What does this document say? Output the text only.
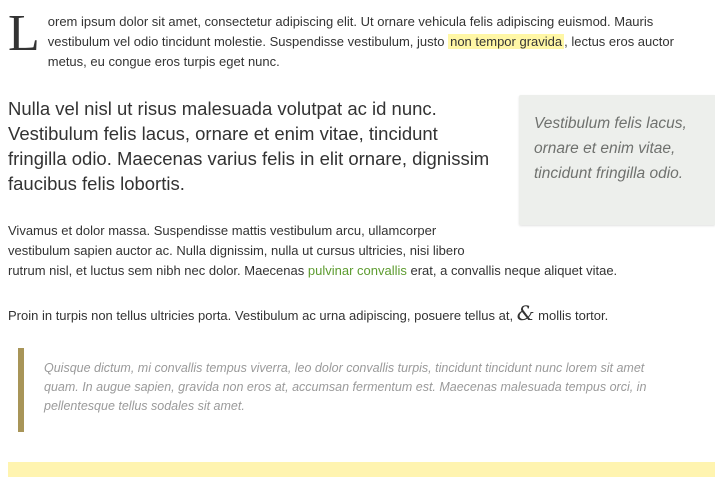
Lorem ipsum dolor sit amet, consectetur adipiscing elit. Ut ornare vehicula felis adipiscing euismod. Mauris vestibulum vel odio tincidunt molestie. Suspendisse vestibulum, justo non tempor gravida , lectus eros auctor metus, eu congue eros turpis eget nunc.

Vestibulum felis lacus, ornare et enim vitae, tincidunt fringilla odio.

Nulla vel nisl ut risus malesuada volutpat ac id nunc. Vestibulum felis lacus, ornare et enim vitae, tincidunt fringilla odio. Maecenas varius felis in elit ornare, dignissim faucibus felis lobortis.

Vivamus et dolor massa. Suspendisse mattis vestibulum arcu, ullamcorper
vestibulum sapien auctor ac. Nulla dignissim, nulla ut cursus ultricies, nisi libero
rutrum nisl, et luctus sem nibh nec dolor. Maecenas pulvinar convallis erat, a convallis neque aliquet vitae.

Proin in turpis non tellus ultricies porta. Vestibulum ac urna adipiscing, posuere tellus at, & mollis tortor.

Quisque dictum, mi convallis tempus viverra, leo dolor convallis turpis, tincidunt tincidunt nunc lorem sit amet quam. In augue sapien, gravida non eros at, accumsan fermentum est. Maecenas malesuada tempus orci, in pellentesque tellus sodales sit amet.
